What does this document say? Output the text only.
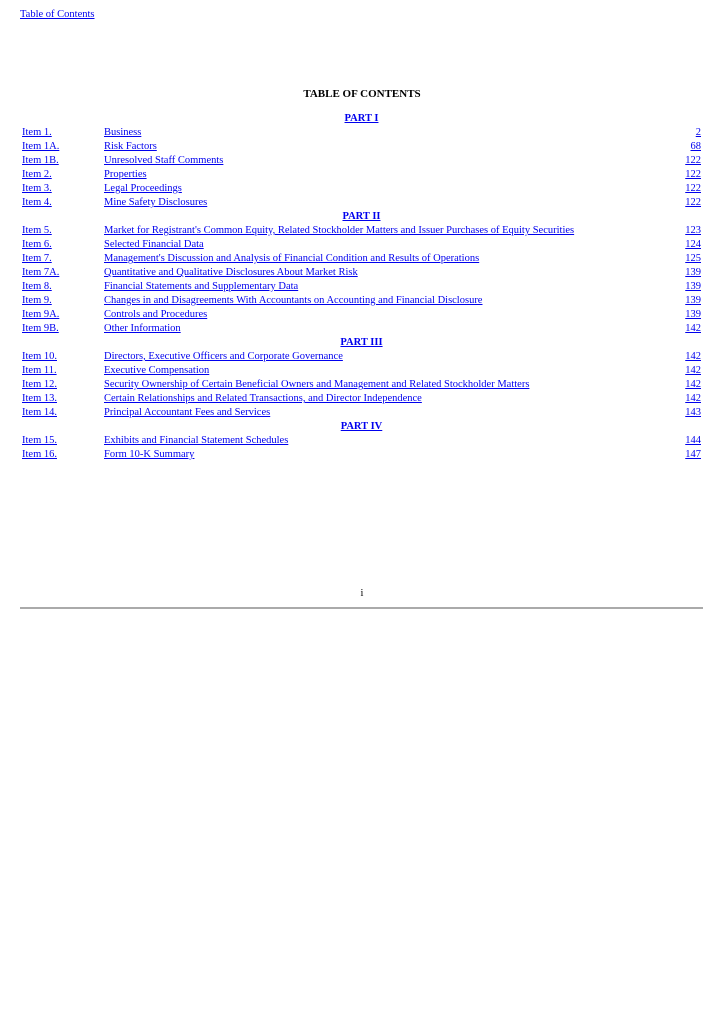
Table of Contents
TABLE OF CONTENTS
PART I
Item 1.	Business	2
Item 1A.	Risk Factors	68
Item 1B.	Unresolved Staff Comments	122
Item 2.	Properties	122
Item 3.	Legal Proceedings	122
Item 4.	Mine Safety Disclosures	122
PART II
Item 5.	Market for Registrant's Common Equity, Related Stockholder Matters and Issuer Purchases of Equity Securities	123
Item 6.	Selected Financial Data	124
Item 7.	Management's Discussion and Analysis of Financial Condition and Results of Operations	125
Item 7A.	Quantitative and Qualitative Disclosures About Market Risk	139
Item 8.	Financial Statements and Supplementary Data	139
Item 9.	Changes in and Disagreements With Accountants on Accounting and Financial Disclosure	139
Item 9A.	Controls and Procedures	139
Item 9B.	Other Information	142
PART III
Item 10.	Directors, Executive Officers and Corporate Governance	142
Item 11.	Executive Compensation	142
Item 12.	Security Ownership of Certain Beneficial Owners and Management and Related Stockholder Matters	142
Item 13.	Certain Relationships and Related Transactions, and Director Independence	142
Item 14.	Principal Accountant Fees and Services	143
PART IV
Item 15.	Exhibits and Financial Statement Schedules	144
Item 16.	Form 10-K Summary	147
i
